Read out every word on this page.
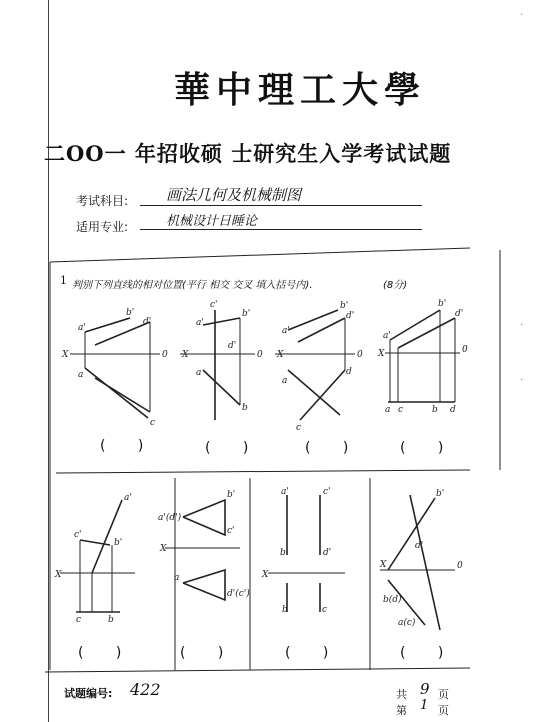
·
·
·
華中理工大學
二OO一 年招收硕 士研究生入学考试试题
考试科目:	画法几何及机械制图
适用专业:	机械设计日睡论
1 判别下列直线的相对位置(平行 相交 交叉 填入括号内).	(8分)
X	0
a'
b'
d'
a
c
X	0
c'
a'
b'
d'
a
b
X	0
a'
b'
d'
a
c
d
X	0
a'
b'
d'
a c	b d
X
a'
c'
b'
c	b
a'(d')
b'
c'
X
a
d'(c')
X
a'	c'
b'	d'
b	c
b'
X	0
d'
b(d)
a(c)
( )	( )	( )	( )
( )	( )	( )	( )
试题编号: 422	共 9 页
第 1 页
